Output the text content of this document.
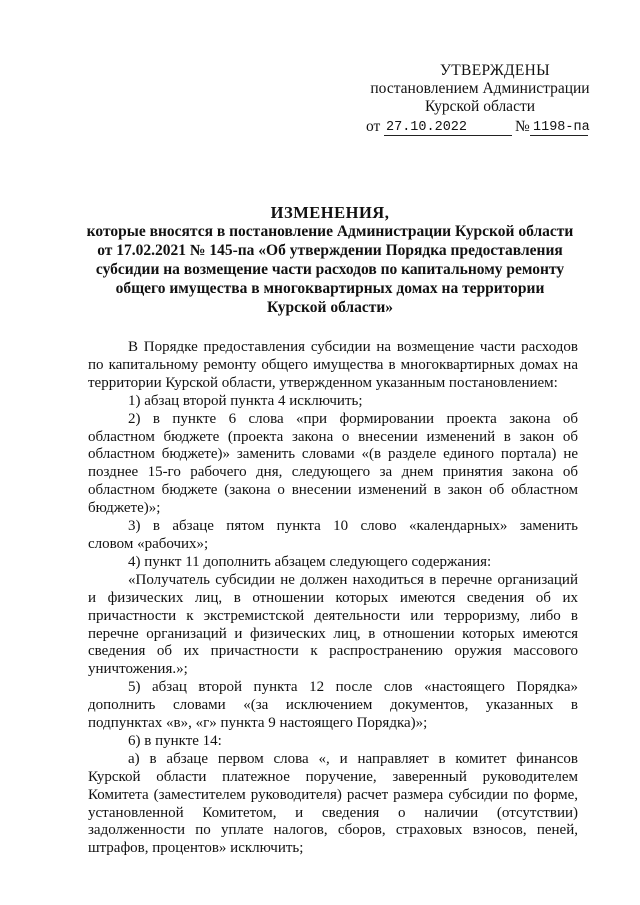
УТВЕРЖДЕНЫ
постановлением Администрации
Курской области
от 27.10.2022	№ 1198-па
ИЗМЕНЕНИЯ,
которые вносятся в постановление Администрации Курской области
от 17.02.2021 № 145-па «Об утверждении Порядка предоставления
субсидии на возмещение части расходов по капитальному ремонту
общего имущества в многоквартирных домах на территории
Курской области»
В Порядке предоставления субсидии на возмещение части расходов
по капитальному ремонту общего имущества в многоквартирных домах на
территории Курской области, утвержденном указанным постановлением:
1) абзац второй пункта 4 исключить;
2) в пункте 6 слова «при формировании проекта закона об
областном бюджете (проекта закона о внесении изменений в закон об
областном бюджете)» заменить словами «(в разделе единого портала) не
позднее 15-го рабочего дня, следующего за днем принятия закона об
областном бюджете (закона о внесении изменений в закон об областном
бюджете)»;
3) в абзаце пятом пункта 10 слово «календарных» заменить
словом «рабочих»;
4) пункт 11 дополнить абзацем следующего содержания:
«Получатель субсидии не должен находиться в перечне организаций
и физических лиц, в отношении которых имеются сведения об их
причастности к экстремистской деятельности или терроризму, либо в
перечне организаций и физических лиц, в отношении которых имеются
сведения об их причастности к распространению оружия массового
уничтожения.»;
5) абзац второй пункта 12 после слов «настоящего Порядка»
дополнить словами «(за исключением документов, указанных в
подпунктах «в», «г» пункта 9 настоящего Порядка)»;
6) в пункте 14:
а) в абзаце первом слова «, и направляет в комитет финансов
Курской области платежное поручение, заверенный руководителем
Комитета (заместителем руководителя) расчет размера субсидии по форме,
установленной Комитетом, и сведения о наличии (отсутствии)
задолженности по уплате налогов, сборов, страховых взносов, пеней,
штрафов, процентов» исключить;
